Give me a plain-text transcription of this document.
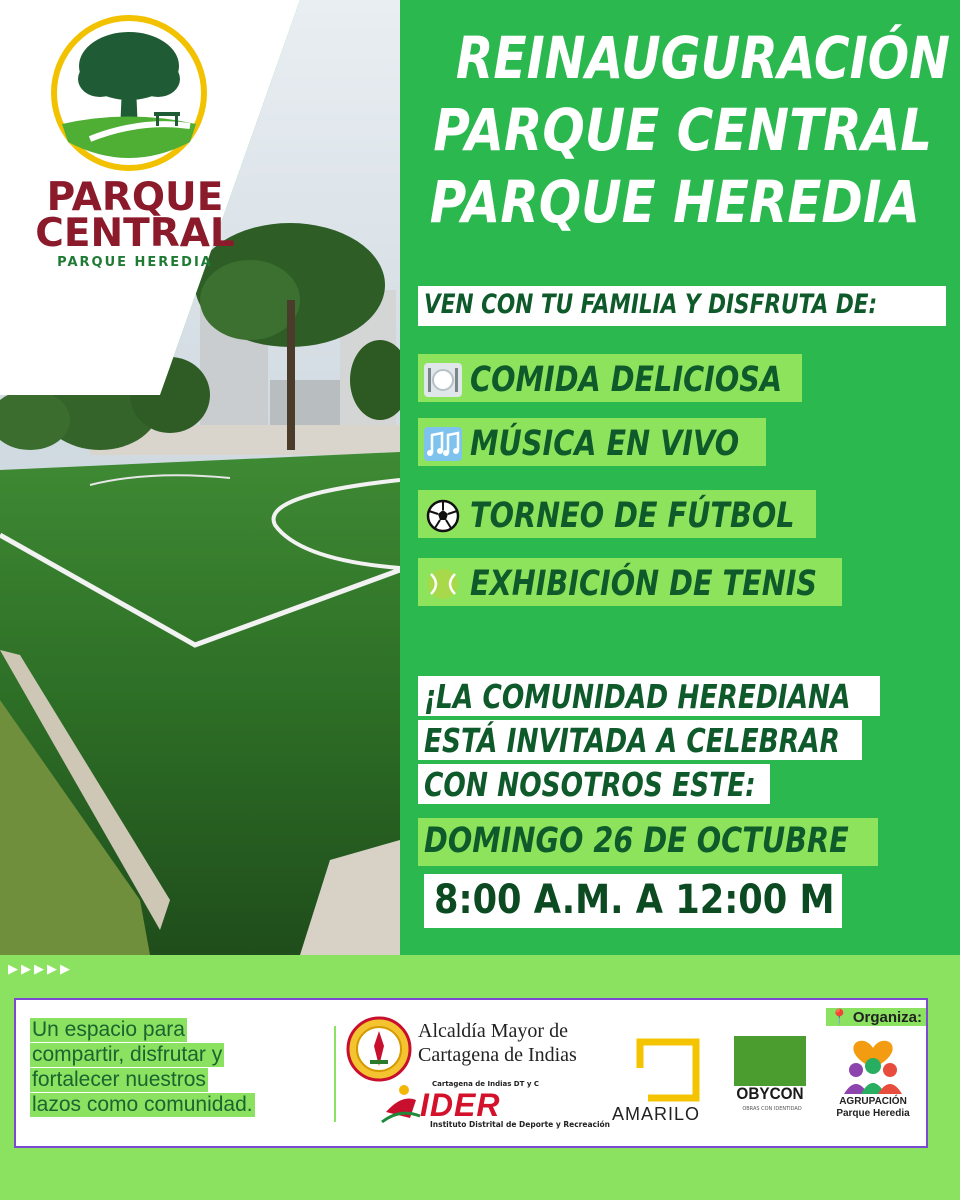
PARQUE
CENTRAL
PARQUE HEREDIA
REINAUGURACIÓN
PARQUE CENTRAL
PARQUE HEREDIA
VEN CON TU FAMILIA Y DISFRUTA DE:
COMIDA DELICIOSA
MÚSICA EN VIVO
TORNEO DE FÚTBOL
EXHIBICIÓN DE TENIS
¡LA COMUNIDAD HEREDIANA
ESTÁ INVITADA A CELEBRAR
CON NOSOTROS ESTE:
DOMINGO 26 DE OCTUBRE
8:00 A.M. A 12:00 M
▶▶▶▶▶
Un espacio para
compartir, disfrutar y
fortalecer nuestros
lazos como comunidad.
Alcaldía Mayor de
Cartagena de Indias
Cartagena de Indias DT y C
IDER
Instituto Distrital de Deporte y Recreación
AMARILO
OBYCON
OBRAS CON IDENTIDAD
📍 Organiza:
AGRUPACIÓN
Parque Heredia
